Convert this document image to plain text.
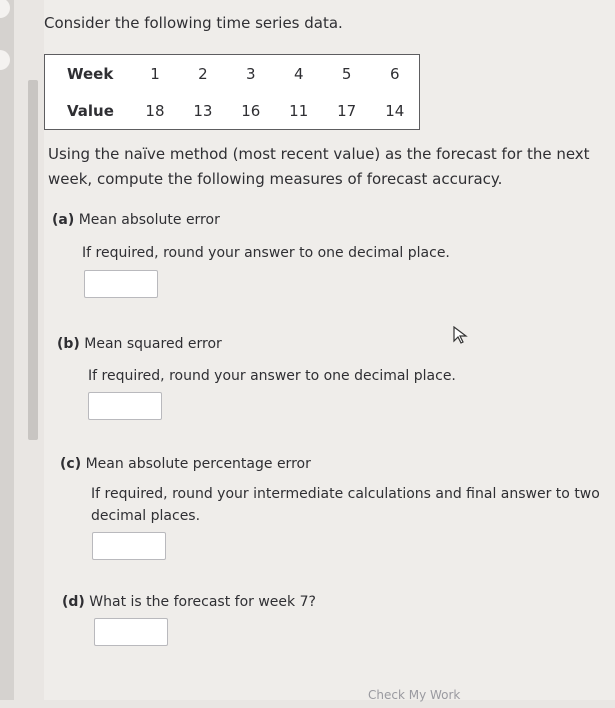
Consider the following time series data.
Week	1	2	3	4	5	6
Value	18	13	16	11	17	14
Using the naïve method (most recent value) as the forecast for the next week, compute the following measures of forecast accuracy.
(a) Mean absolute error
If required, round your answer to one decimal place.
(b) Mean squared error
If required, round your answer to one decimal place.
(c) Mean absolute percentage error
If required, round your intermediate calculations and final answer to two decimal places.
(d) What is the forecast for week 7?
Check My Work
